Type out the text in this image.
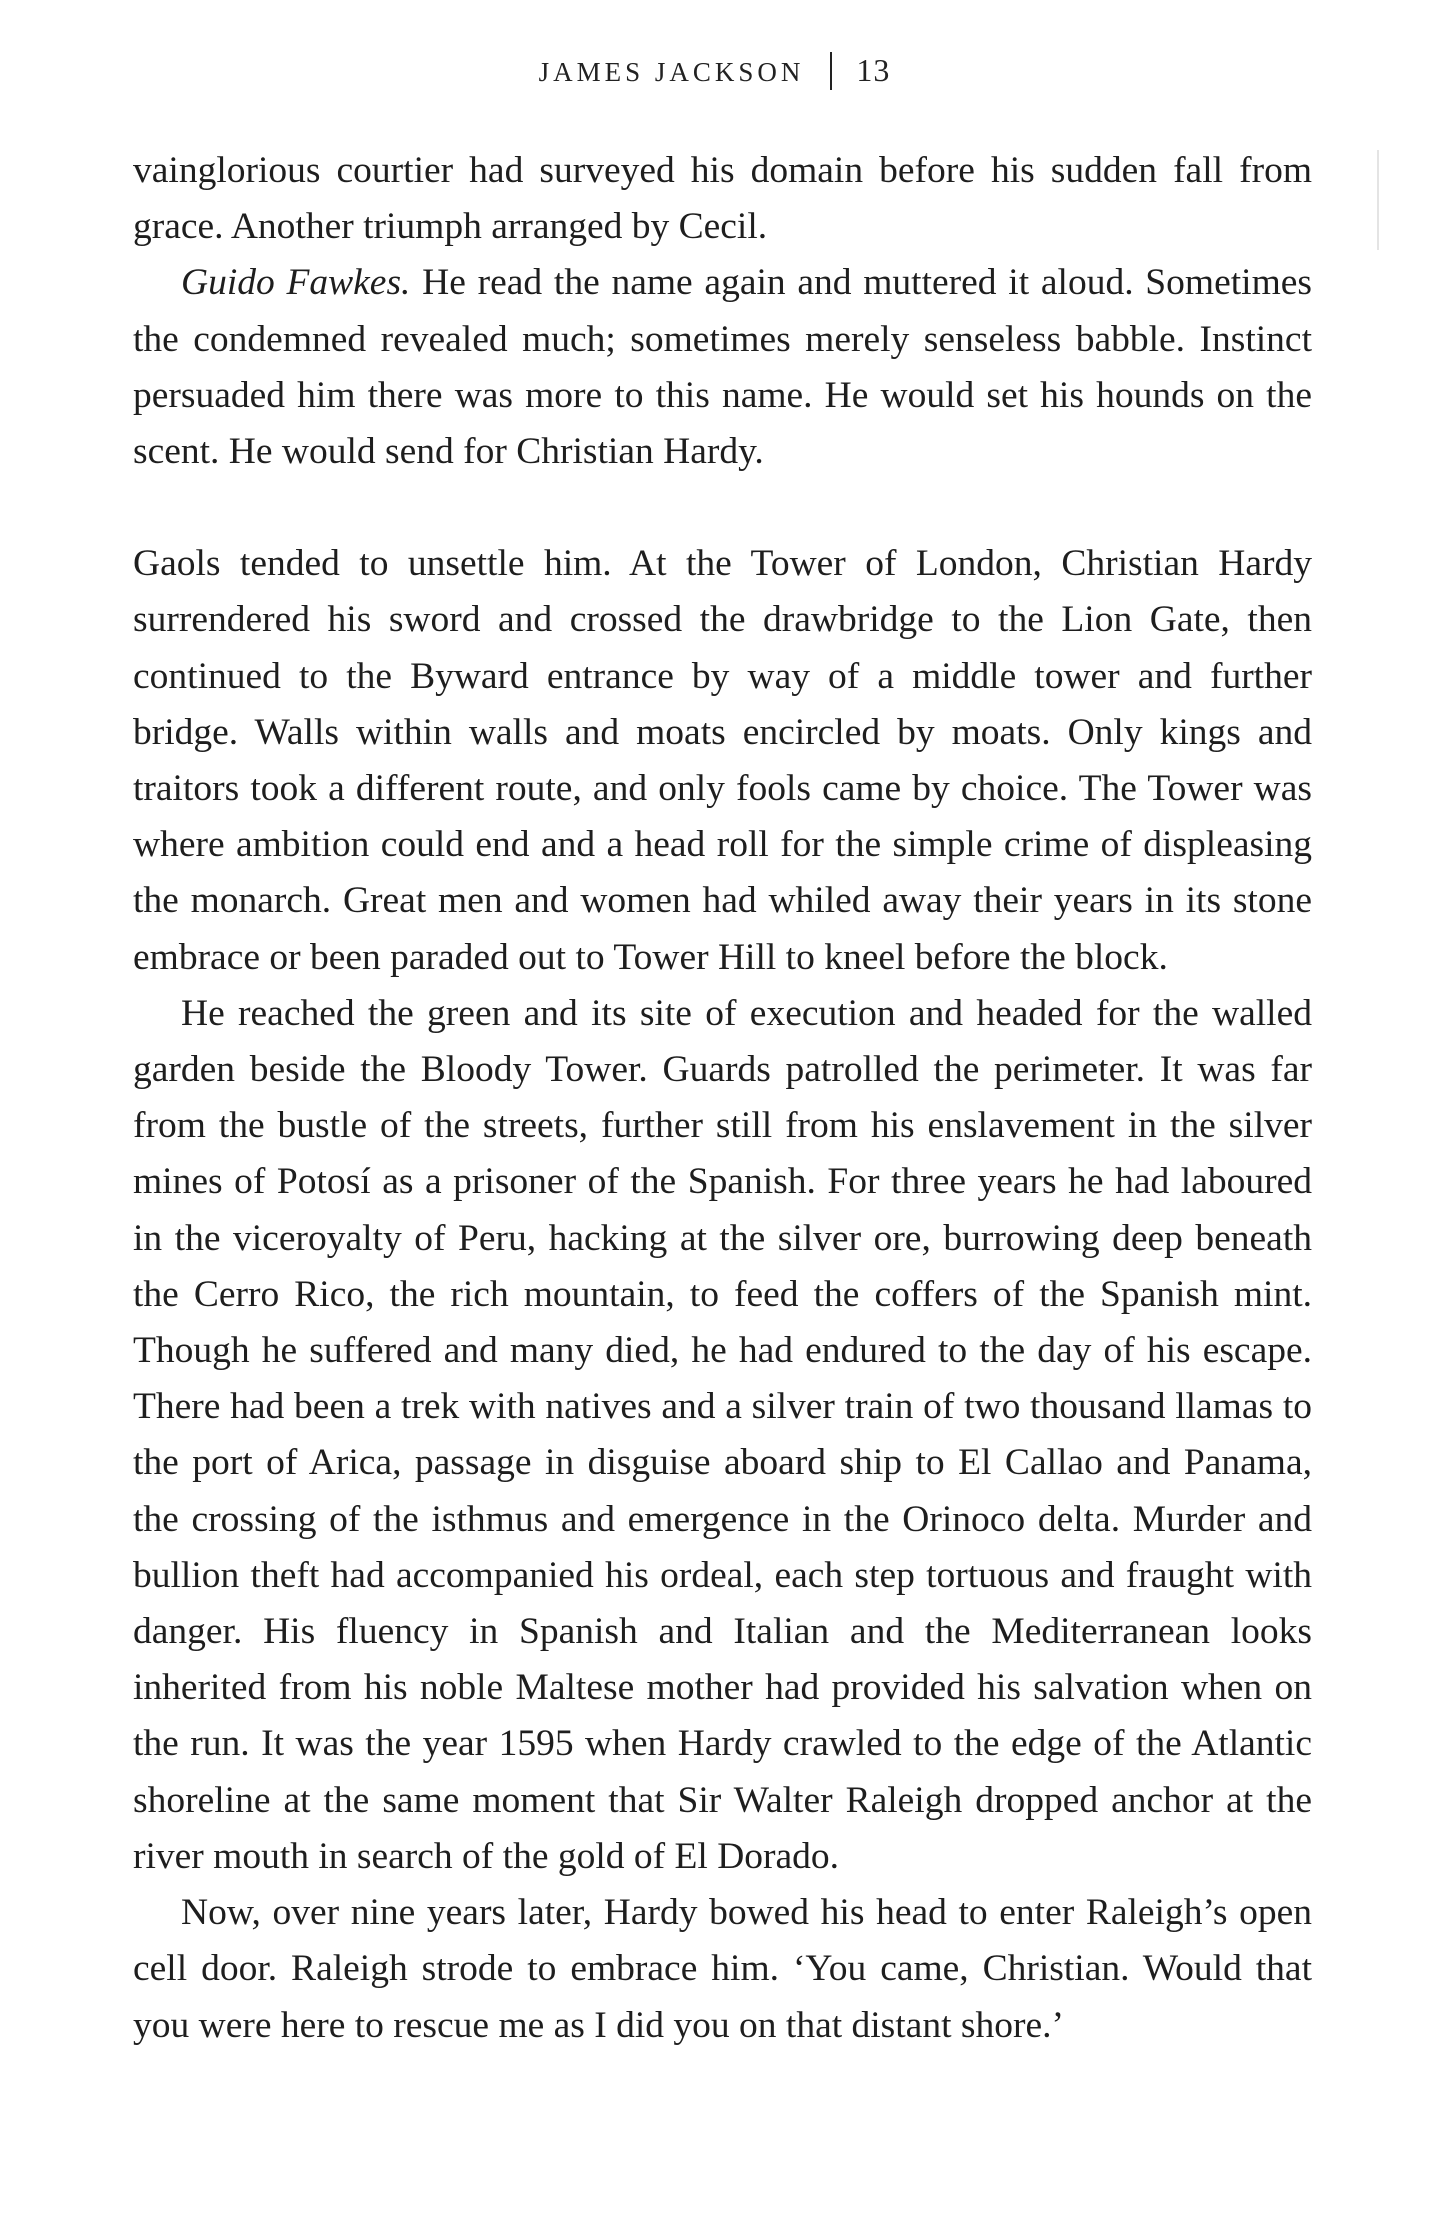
JAMES JACKSON 13

vainglorious courtier had surveyed his domain before his sudden fall from grace. Another triumph arranged by Cecil.

Guido Fawkes. He read the name again and muttered it aloud. Sometimes the condemned revealed much; sometimes merely senseless babble. Instinct persuaded him there was more to this name. He would set his hounds on the scent. He would send for Christian Hardy.

Gaols tended to unsettle him. At the Tower of London, Christian Hardy surrendered his sword and crossed the drawbridge to the Lion Gate, then continued to the Byward entrance by way of a middle tower and further bridge. Walls within walls and moats encircled by moats. Only kings and traitors took a different route, and only fools came by choice. The Tower was where ambition could end and a head roll for the simple crime of displeasing the monarch. Great men and women had whiled away their years in its stone embrace or been paraded out to Tower Hill to kneel before the block.

He reached the green and its site of execution and headed for the walled garden beside the Bloody Tower. Guards patrolled the perimeter. It was far from the bustle of the streets, further still from his enslavement in the silver mines of Potosí as a prisoner of the Spanish. For three years he had laboured in the viceroyalty of Peru, hacking at the silver ore, burrowing deep beneath the Cerro Rico, the rich mountain, to feed the coffers of the Spanish mint. Though he suffered and many died, he had endured to the day of his escape. There had been a trek with natives and a silver train of two thousand llamas to the port of Arica, passage in disguise aboard ship to El Callao and Panama, the crossing of the isthmus and emergence in the Orinoco delta. Murder and bullion theft had accompanied his ordeal, each step tortuous and fraught with danger. His fluency in Spanish and Italian and the Mediterranean looks inherited from his noble Maltese mother had provided his salvation when on the run. It was the year 1595 when Hardy crawled to the edge of the Atlantic shoreline at the same moment that Sir Walter Raleigh dropped anchor at the river mouth in search of the gold of El Dorado.

Now, over nine years later, Hardy bowed his head to enter Raleigh’s open cell door. Raleigh strode to embrace him. ‘You came, Christian. Would that you were here to rescue me as I did you on that distant shore.’
